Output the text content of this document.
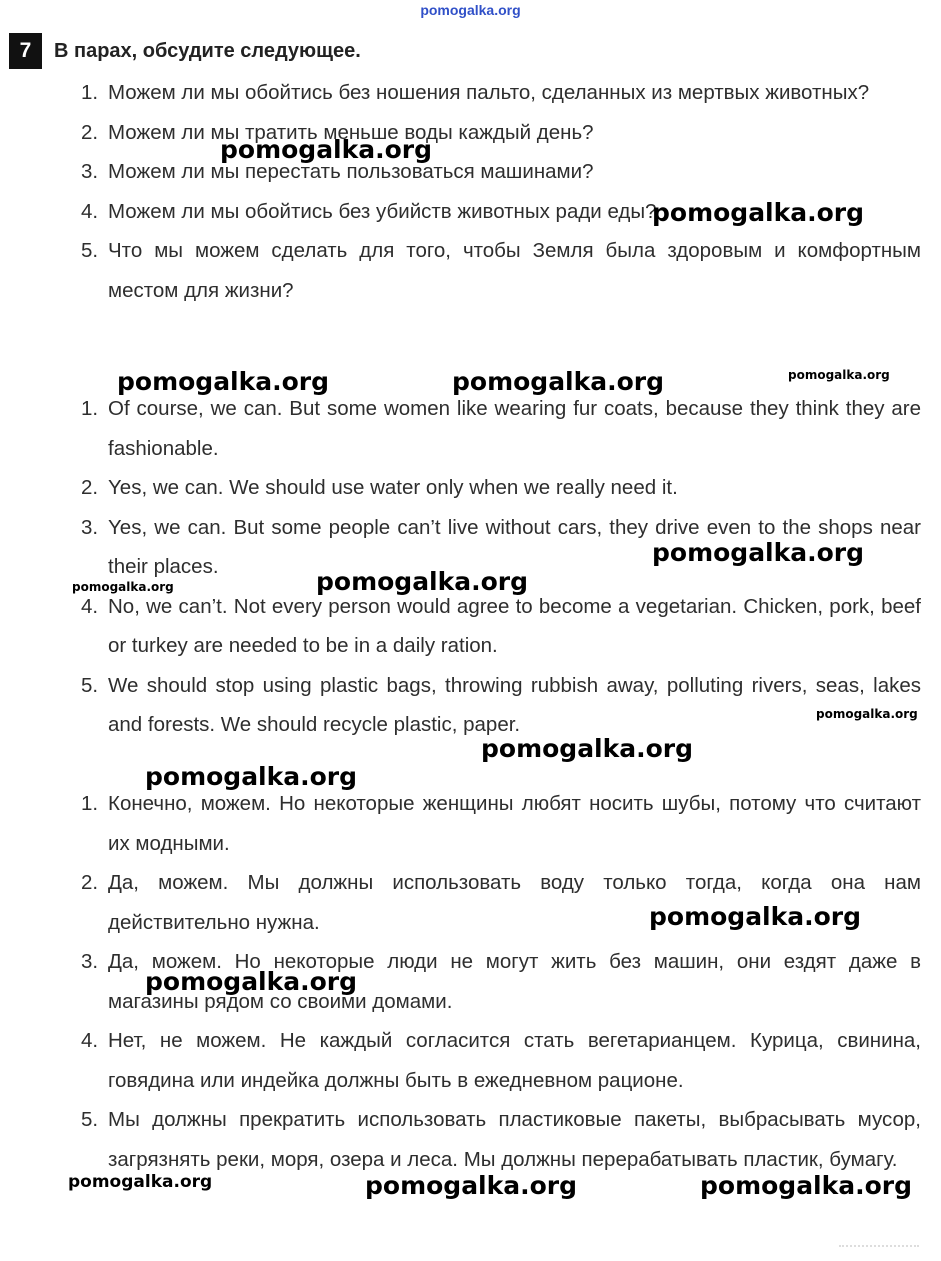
pomogalka.org
7	В парах, обсудите следующее.
1. Можем ли мы обойтись без ношения пальто, сделанных из мертвых животных?
2. Можем ли мы тратить меньше воды каждый день?
3. Можем ли мы перестать пользоваться машинами?
4. Можем ли мы обойтись без убийств животных ради еды?
5. Что мы можем сделать для того, чтобы Земля была здоровым и комфортным местом для жизни?
1. Of course, we can. But some women like wearing fur coats, because they think they are fashionable.
2. Yes, we can. We should use water only when we really need it.
3. Yes, we can. But some people can’t live without cars, they drive even to the shops near their places.
4. No, we can’t. Not every person would agree to become a vegetarian. Chicken, pork, beef or turkey are needed to be in a daily ration.
5. We should stop using plastic bags, throwing rubbish away, polluting rivers, seas, lakes and forests. We should recycle plastic, paper.
1. Конечно, можем. Но некоторые женщины любят носить шубы, потому что считают их модными.
2. Да, можем. Мы должны использовать воду только тогда, когда она нам действительно нужна.
3. Да, можем. Но некоторые люди не могут жить без машин, они ездят даже в магазины рядом со своими домами.
4. Нет, не можем. Не каждый согласится стать вегетарианцем. Курица, свинина, говядина или индейка должны быть в ежедневном рационе.
5. Мы должны прекратить использовать пластиковые пакеты, выбрасывать мусор, загрязнять реки, моря, озера и леса. Мы должны перерабатывать пластик, бумагу.
pomogalka.org
pomogalka.org
pomogalka.org	pomogalka.org	pomogalka.org
pomogalka.org
pomogalka.org	pomogalka.org
pomogalka.org
pomogalka.org
pomogalka.org
pomogalka.org
pomogalka.org
pomogalka.org	pomogalka.org	pomogalka.org
